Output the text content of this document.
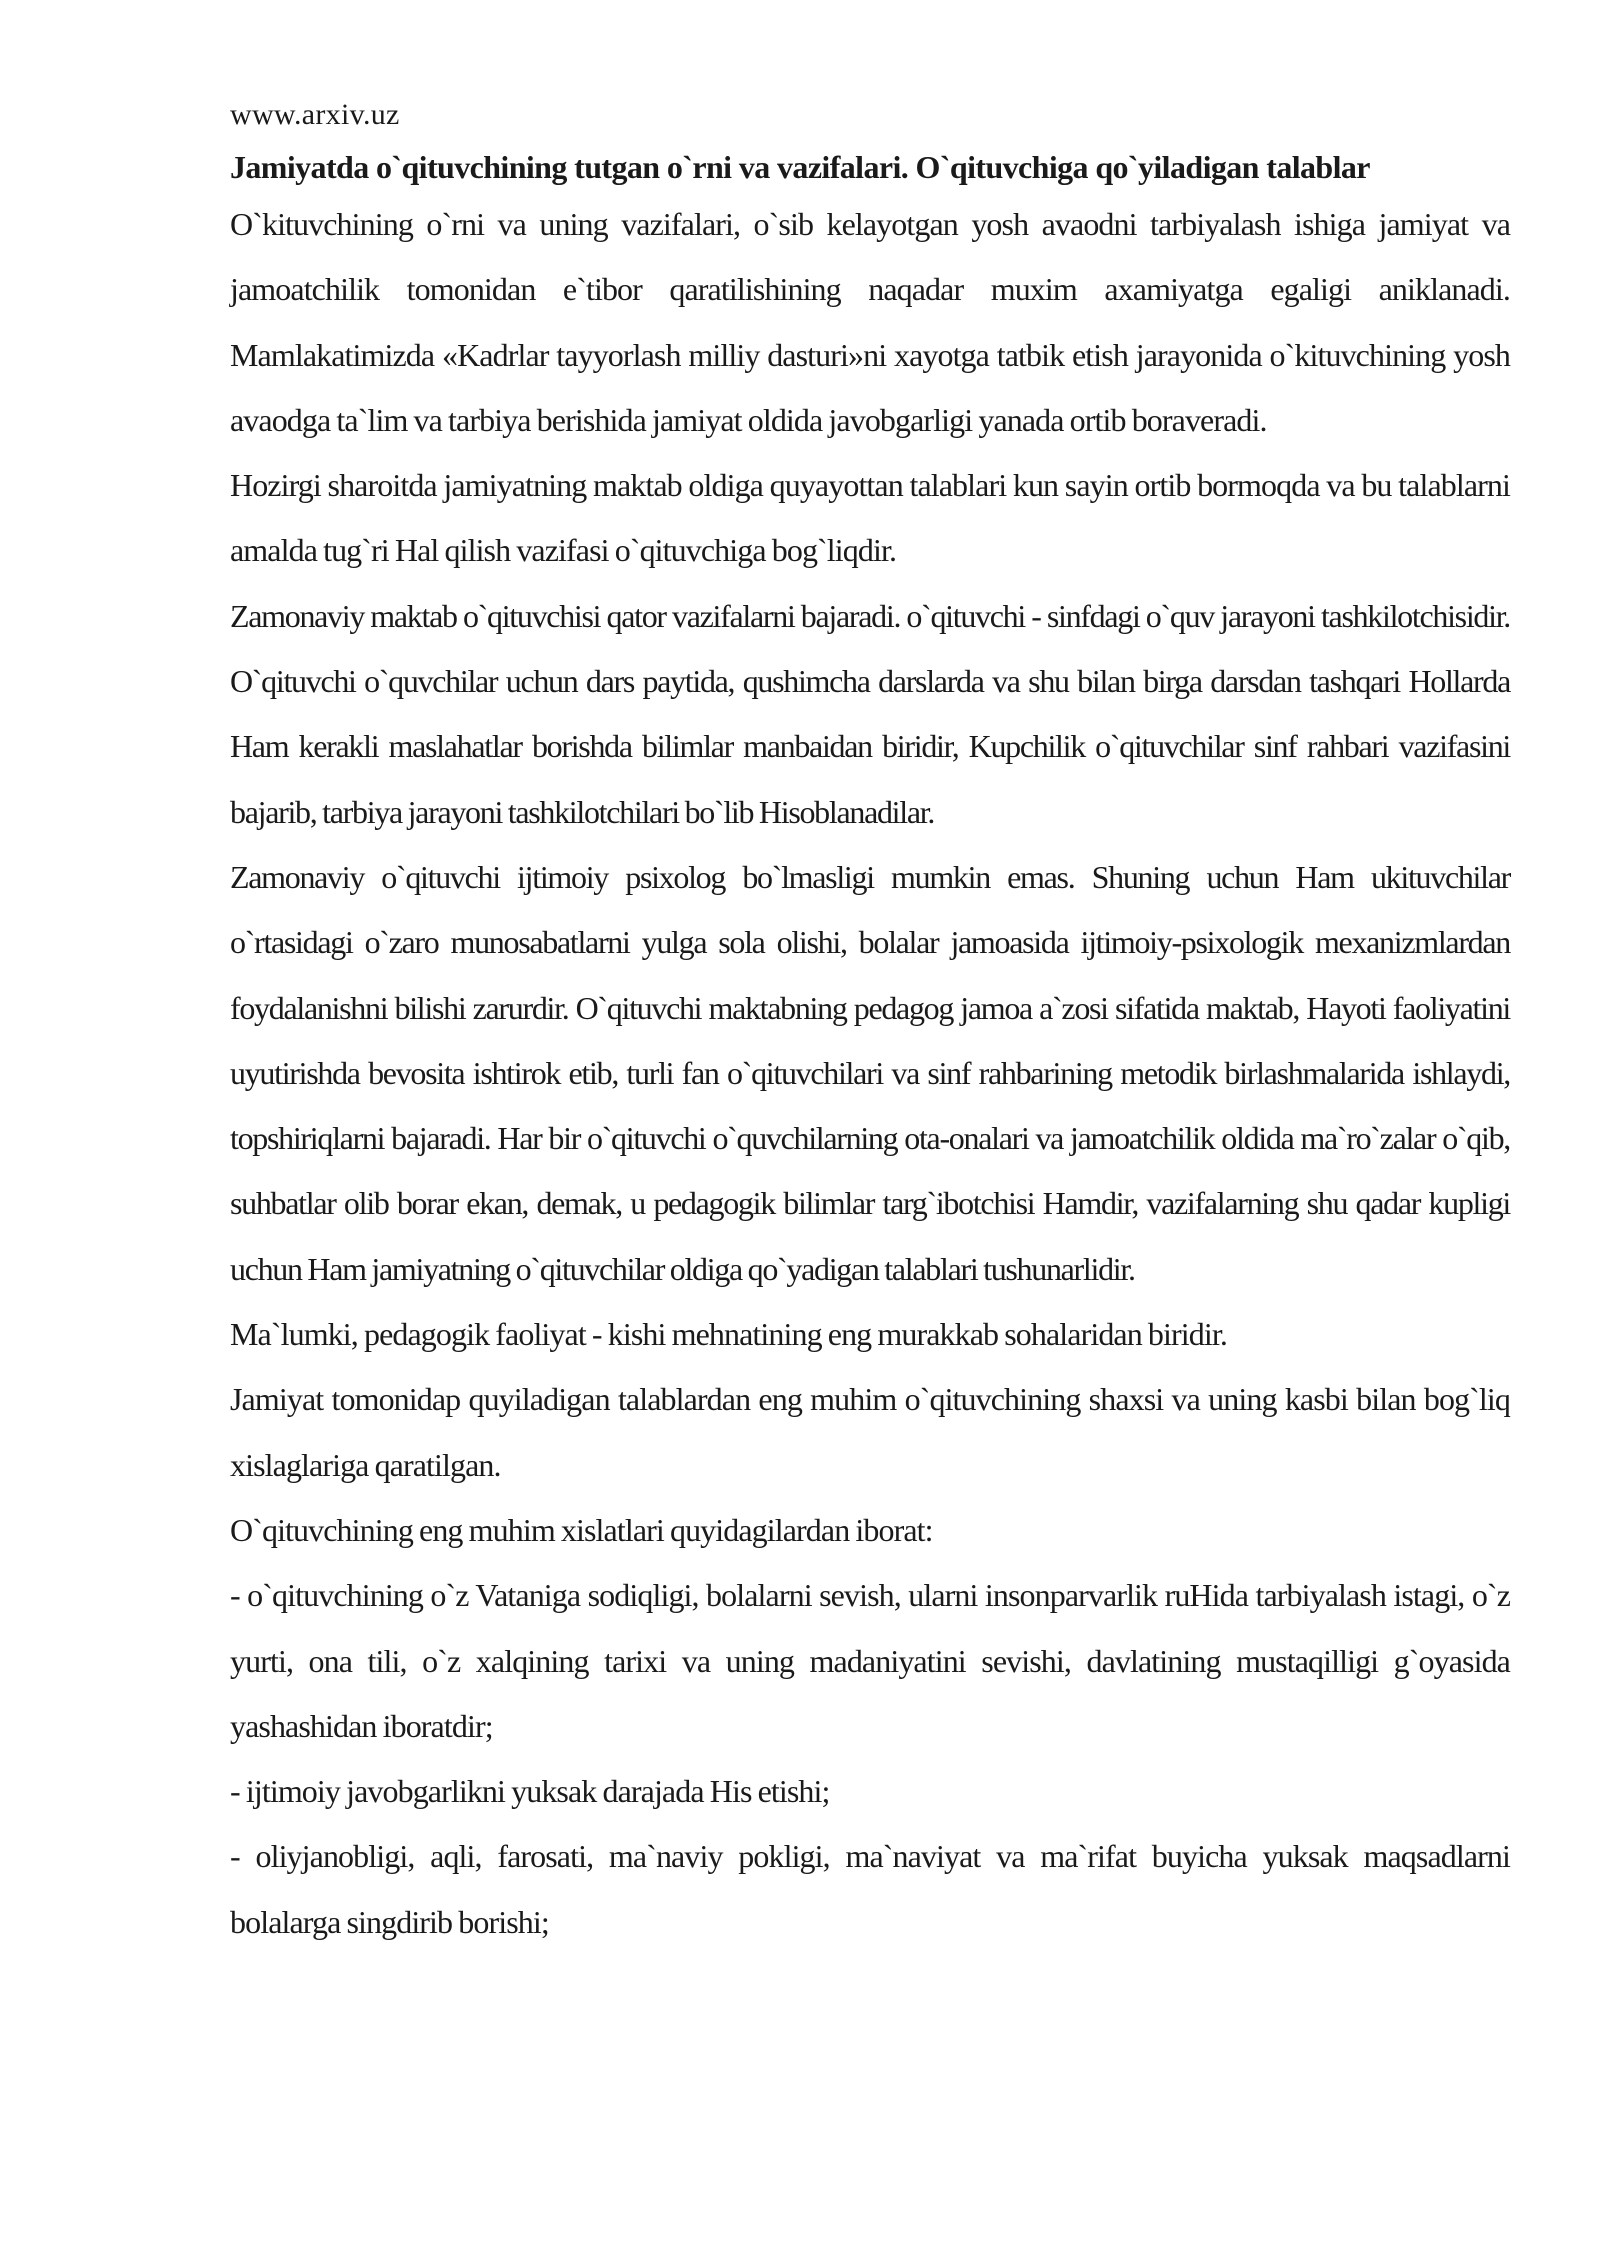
www.arxiv.uz
Jamiyatda o`qituvchining tutgan o`rni va vazifalari. O`qituvchiga qo`yiladigan talablar

O`kituvchining o`rni va uning vazifalari, o`sib kelayotgan yosh avaodni tarbiyalash ishiga jamiyat va jamoatchilik tomonidan e`tibor qaratilishining naqadar muxim axamiyatga egaligi aniklanadi. Mamlakatimizda «Kadrlar tayyorlash milliy dasturi»ni xayotga tatbik etish jarayonida o`kituvchining yosh avaodga ta`lim va tarbiya berishida jamiyat oldida javobgarligi yanada ortib boraveradi.

Hozirgi sharoitda jamiyatning maktab oldiga quyayottan talablari kun sayin ortib bormoqda va bu talablarni amalda tug`ri Hal qilish vazifasi o`qituvchiga bog`liqdir.

Zamonaviy maktab o`qituvchisi qator vazifalarni bajaradi. o`qituvchi - sinfdagi o`quv jarayoni tashkilotchisidir. O`qituvchi o`quvchilar uchun dars paytida, qushimcha darslarda va shu bilan birga darsdan tashqari Hollarda Ham kerakli maslahatlar borishda bilimlar manbaidan biridir, Kupchilik o`qituvchilar sinf rahbari vazifasini bajarib, tarbiya jarayoni tashkilotchilari bo`lib Hisoblanadilar.

Zamonaviy o`qituvchi ijtimoiy psixolog bo`lmasligi mumkin emas. Shuning uchun Ham ukituvchilar o`rtasidagi o`zaro munosabatlarni yulga sola olishi, bolalar jamoasida ijtimoiy-psixologik mexanizmlardan foydalanishni bilishi zarurdir. O`qituvchi maktabning pedagog jamoa a`zosi sifatida maktab, Hayoti faoliyatini uyutirishda bevosita ishtirok etib, turli fan o`qituvchilari va sinf rahbarining metodik birlashmalarida ishlaydi, topshiriqlarni bajaradi. Har bir o`qituvchi o`quvchilarning ota-onalari va jamoatchilik oldida ma`ro`zalar o`qib, suhbatlar olib borar ekan, demak, u pedagogik bilimlar targ`ibotchisi Hamdir, vazifalarning shu qadar kupligi uchun Ham jamiyatning o`qituvchilar oldiga qo`yadigan talablari tushunarlidir.

Ma`lumki, pedagogik faoliyat - kishi mehnatining eng murakkab sohalaridan biridir.

Jamiyat tomonidap quyiladigan talablardan eng muhim o`qituvchining shaxsi va uning kasbi bilan bog`liq xislaglariga qaratilgan.

O`qituvchining eng muhim xislatlari quyidagilardan iborat:

- o`qituvchining o`z Vataniga sodiqligi, bolalarni sevish, ularni insonparvarlik ruHida tarbiyalash istagi, o`z yurti, ona tili, o`z xalqining tarixi va uning madaniyatini sevishi, davlatining mustaqilligi g`oyasida yashashidan iboratdir;

- ijtimoiy javobgarlikni yuksak darajada His etishi;

- oliyjanobligi, aqli, farosati, ma`naviy pokligi, ma`naviyat va ma`rifat buyicha yuksak maqsadlarni bolalarga singdirib borishi;
